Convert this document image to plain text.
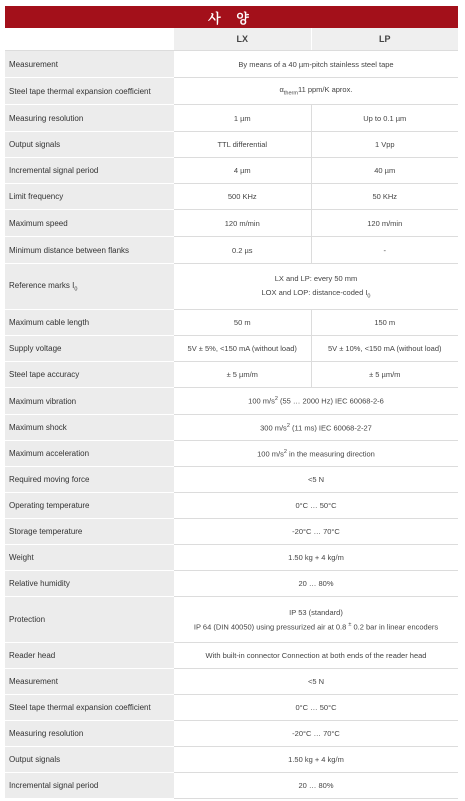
사 양
	LX	LP
Measurement	By means of a 40 µm-pitch stainless steel tape	
Steel tape thermal expansion coefficient	$\alpha_{therm}11$ ppm/K aprox.	
Measuring resolution	1 µm	Up to 0.1 µm
Output signals	TTL differential	1 Vpp
Incremental signal period	4 µm	40 µm
Limit frequency	500 KHz	50 KHz
Maximum speed	120 m/min	120 m/min
Minimum distance between flanks	0.2 µs	-
Reference marks $I_0$	LX and LP: every 50 mm
LOX and LOP: distance-coded $I_0$

Maximum cable length	50 m	150 m
Supply voltage	5V ± 5%, <150 mA (without load)	5V ± 10%, <150 mA (without load)
Steel tape accuracy	± 5 µm/m	± 5 µm/m
Maximum vibration	100 $m/s^2$ (55 … 2000 Hz) IEC 60068-2-6	
Maximum shock	300 $m/s^2$ (11 ms) IEC 60068-2-27	
Maximum acceleration	100 $m/s^2$ in the measuring direction	
Required moving force	<5 N	
Operating temperature	0°C … 50°C	
Storage temperature	-20°C … 70°C	
Weight	1.50 kg + 4 kg/m	
Relative humidity	20 … 80%	
Protection	IP 53 (standard)
IP 64 (DIN 40050) using pressurized air at 0.8 ± 0.2 bar in linear encoders	

Reader head	With built-in connector Connection at both ends of the reader head	
Measurement	<5 N	
Steel tape thermal expansion coefficient	0°C … 50°C	
Measuring resolution	-20°C … 70°C	
Output signals	1.50 kg + 4 kg/m	
Incremental signal period	20 … 80%	
